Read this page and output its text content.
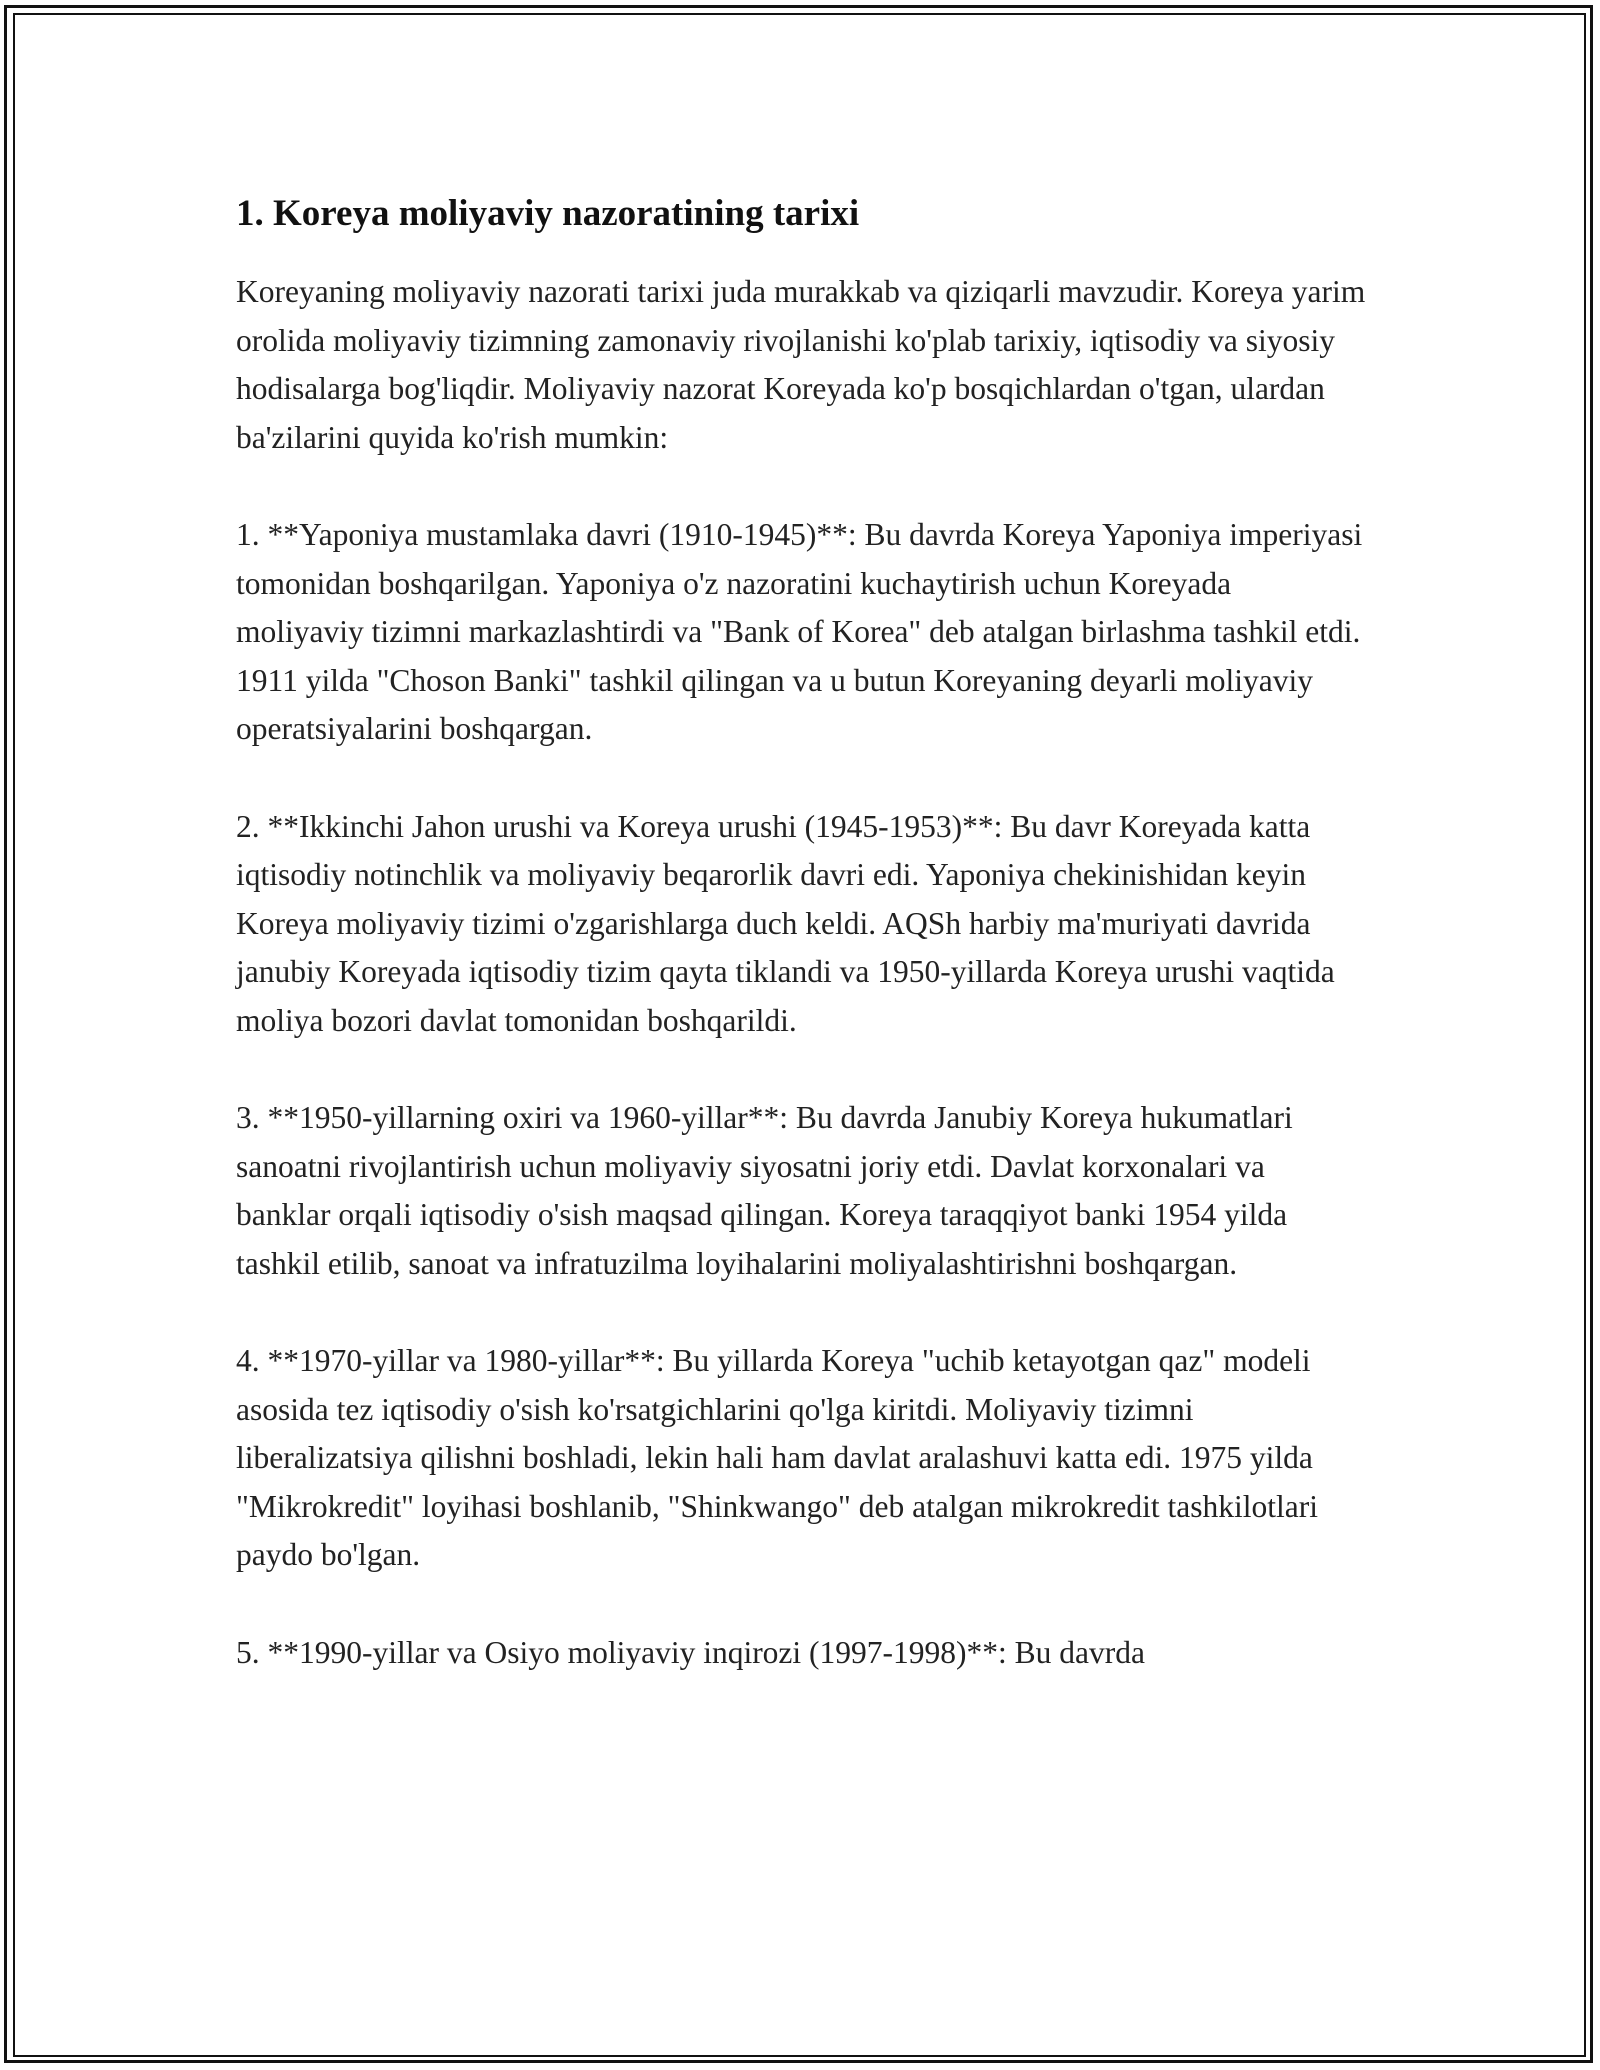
1. Koreya moliyaviy nazoratining tarixi

Koreyaning moliyaviy nazorati tarixi juda murakkab va qiziqarli mavzudir. Koreya yarim orolida moliyaviy tizimning zamonaviy rivojlanishi ko'plab tarixiy, iqtisodiy va siyosiy hodisalarga bog'liqdir. Moliyaviy nazorat Koreyada ko'p bosqichlardan o'tgan, ulardan ba'zilarini quyida ko'rish mumkin:

1. **Yaponiya mustamlaka davri (1910-1945)**: Bu davrda Koreya Yaponiya imperiyasi tomonidan boshqarilgan. Yaponiya o'z nazoratini kuchaytirish uchun Koreyada moliyaviy tizimni markazlashtirdi va "Bank of Korea" deb atalgan birlashma tashkil etdi. 1911 yilda "Choson Banki" tashkil qilingan va u butun Koreyaning deyarli moliyaviy operatsiyalarini boshqargan.

2. **Ikkinchi Jahon urushi va Koreya urushi (1945-1953)**: Bu davr Koreyada katta iqtisodiy notinchlik va moliyaviy beqarorlik davri edi. Yaponiya chekinishidan keyin Koreya moliyaviy tizimi o'zgarishlarga duch keldi. AQSh harbiy ma'muriyati davrida janubiy Koreyada iqtisodiy tizim qayta tiklandi va 1950-yillarda Koreya urushi vaqtida moliya bozori davlat tomonidan boshqarildi.

3. **1950-yillarning oxiri va 1960-yillar**: Bu davrda Janubiy Koreya hukumatlari sanoatni rivojlantirish uchun moliyaviy siyosatni joriy etdi. Davlat korxonalari va banklar orqali iqtisodiy o'sish maqsad qilingan. Koreya taraqqiyot banki 1954 yilda tashkil etilib, sanoat va infratuzilma loyihalarini moliyalashtirishni boshqargan.

4. **1970-yillar va 1980-yillar**: Bu yillarda Koreya "uchib ketayotgan qaz" modeli asosida tez iqtisodiy o'sish ko'rsatgichlarini qo'lga kiritdi. Moliyaviy tizimni liberalizatsiya qilishni boshladi, lekin hali ham davlat aralashuvi katta edi. 1975 yilda "Mikrokredit" loyihasi boshlanib, "Shinkwango" deb atalgan mikrokredit tashkilotlari paydo bo'lgan.

5. **1990-yillar va Osiyo moliyaviy inqirozi (1997-1998)**: Bu davrda
